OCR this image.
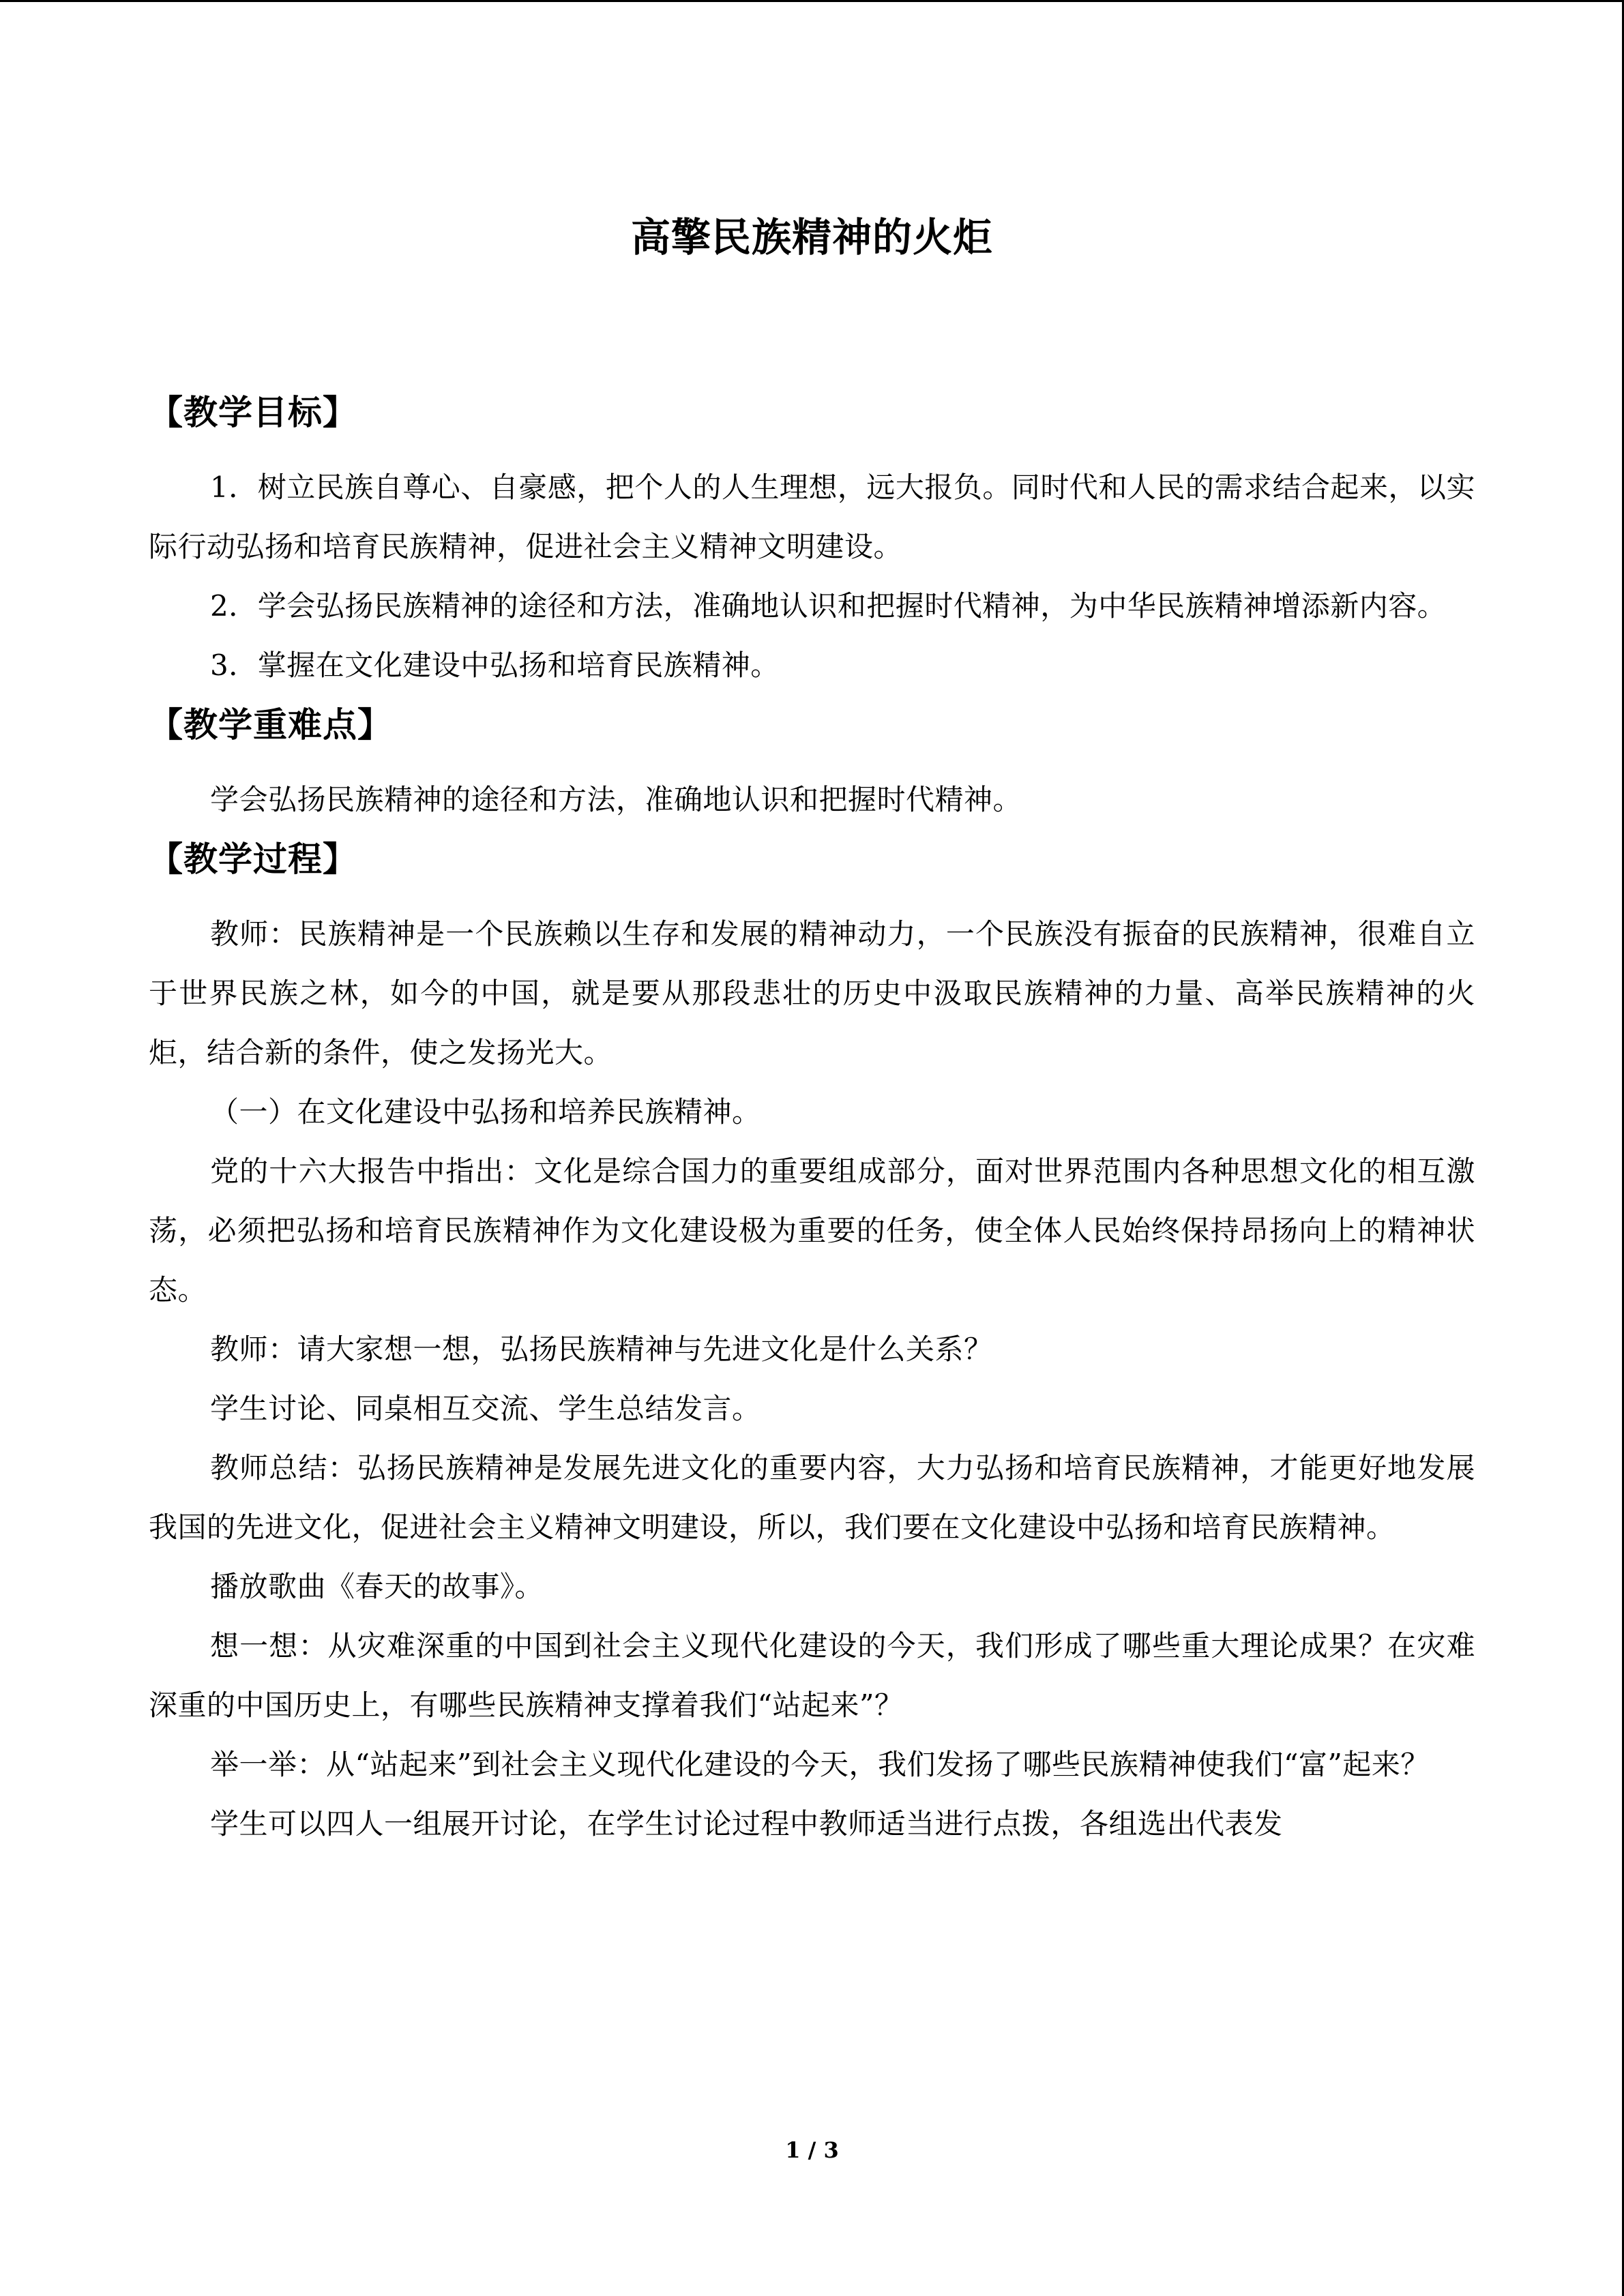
高擎民族精神的火炬
【教学目标】

1．树立民族自尊心、自豪感，把个人的人生理想，远大报负。同时代和人民的需求结合起来，以实际行动弘扬和培育民族精神，促进社会主义精神文明建设。

2．学会弘扬民族精神的途径和方法，准确地认识和把握时代精神，为中华民族精神增添新内容。

3．掌握在文化建设中弘扬和培育民族精神。

【教学重难点】

学会弘扬民族精神的途径和方法，准确地认识和把握时代精神。

【教学过程】

教师：民族精神是一个民族赖以生存和发展的精神动力，一个民族没有振奋的民族精神，很难自立于世界民族之林，如今的中国，就是要从那段悲壮的历史中汲取民族精神的力量、高举民族精神的火炬，结合新的条件，使之发扬光大。

（一）在文化建设中弘扬和培养民族精神。

党的十六大报告中指出：文化是综合国力的重要组成部分，面对世界范围内各种思想文化的相互激荡，必须把弘扬和培育民族精神作为文化建设极为重要的任务，使全体人民始终保持昂扬向上的精神状态。

教师：请大家想一想，弘扬民族精神与先进文化是什么关系？

学生讨论、同桌相互交流、学生总结发言。

教师总结：弘扬民族精神是发展先进文化的重要内容，大力弘扬和培育民族精神，才能更好地发展我国的先进文化，促进社会主义精神文明建设，所以，我们要在文化建设中弘扬和培育民族精神。

播放歌曲《春天的故事》。

想一想：从灾难深重的中国到社会主义现代化建设的今天，我们形成了哪些重大理论成果？在灾难深重的中国历史上，有哪些民族精神支撑着我们“站起来”？

举一举：从“站起来”到社会主义现代化建设的今天，我们发扬了哪些民族精神使我们“富”起来？

学生可以四人一组展开讨论，在学生讨论过程中教师适当进行点拨，各组选出代表发

1 / 3
